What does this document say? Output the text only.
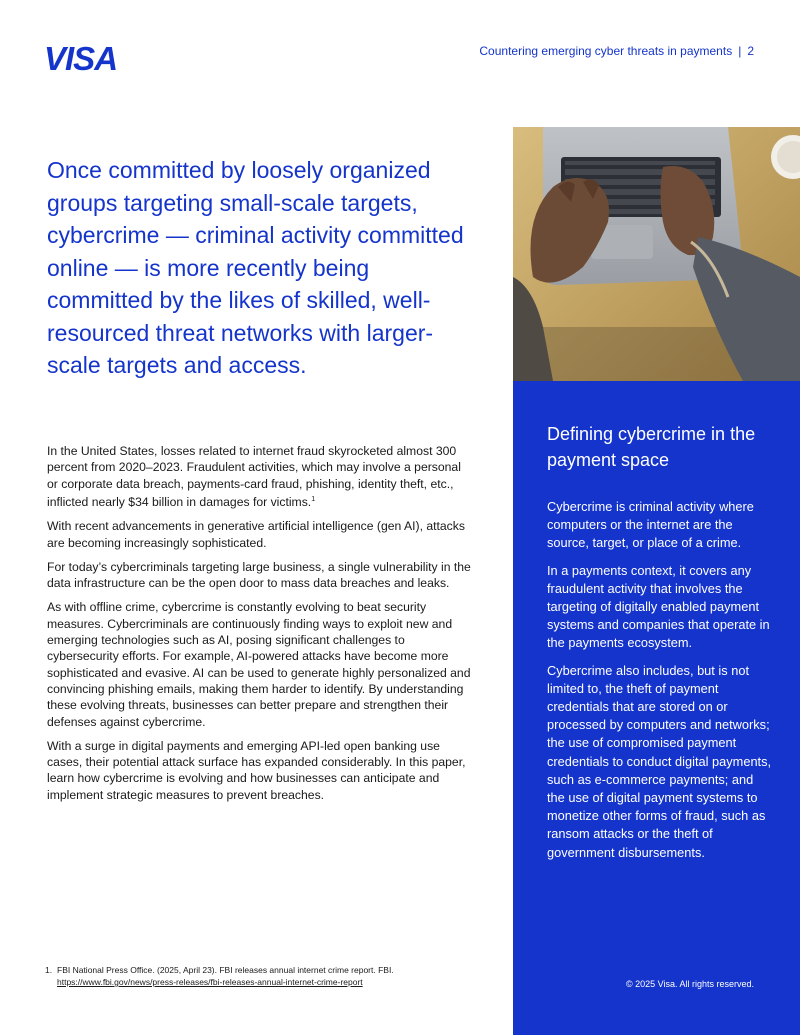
VISA	Countering emerging cyber threats in payments | 2

Once committed by loosely organized groups targeting small-scale targets, cybercrime — criminal activity committed online — is more recently being committed by the likes of skilled, well-resourced threat networks with larger-scale targets and access.

In the United States, losses related to internet fraud skyrocketed almost 300 percent from 2020–2023. Fraudulent activities, which may involve a personal or corporate data breach, payments-card fraud, phishing, identity theft, etc., inflicted nearly $34 billion in damages for victims.$^1$

With recent advancements in generative artificial intelligence (gen AI), attacks are becoming increasingly sophisticated.

For today’s cybercriminals targeting large business, a single vulnerability in the data infrastructure can be the open door to mass data breaches and leaks.

As with offline crime, cybercrime is constantly evolving to beat security measures. Cybercriminals are continuously finding ways to exploit new and emerging technologies such as AI, posing significant challenges to cybersecurity efforts. For example, AI-powered attacks have become more sophisticated and evasive. AI can be used to generate highly personalized and convincing phishing emails, making them harder to identify. By understanding these evolving threats, businesses can better prepare and strengthen their defenses against cybercrime.

With a surge in digital payments and emerging API-led open banking use cases, their potential attack surface has expanded considerably. In this paper, learn how cybercrime is evolving and how businesses can anticipate and implement strategic measures to prevent breaches.

Defining cybercrime in the payment space

Cybercrime is criminal activity where computers or the internet are the source, target, or place of a crime.

In a payments context, it covers any fraudulent activity that involves the targeting of digitally enabled payment systems and companies that operate in the payments ecosystem.

Cybercrime also includes, but is not limited to, the theft of payment credentials that are stored on or processed by computers and networks; the use of compromised payment credentials to conduct digital payments, such as e-commerce payments; and the use of digital payment systems to monetize other forms of fraud, such as ransom attacks or the theft of government disbursements.

© 2025 Visa. All rights reserved.
1. FBI National Press Office. (2025, April 23). FBI releases annual internet crime report. FBI.
https://www.fbi.gov/news/press-releases/fbi-releases-annual-internet-crime-report
